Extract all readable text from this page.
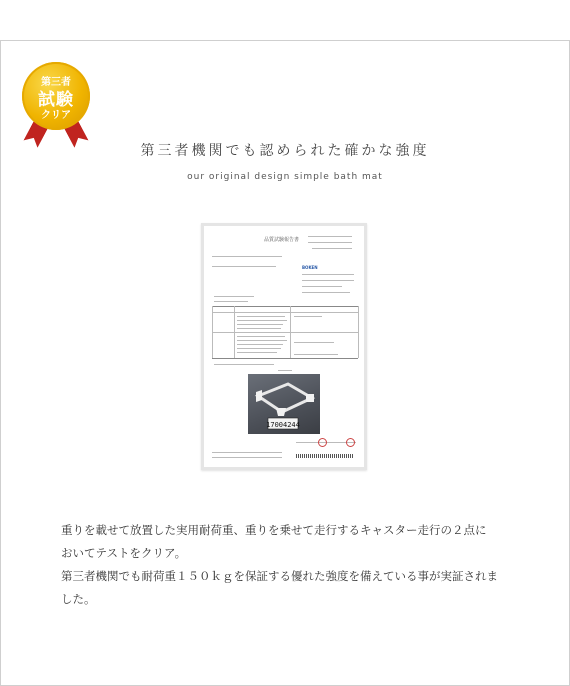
第三者
試験
クリア
第三者機関でも認められた確かな強度
our original design simple bath mat
品質試験報告書
BOKEN
17004244

重りを載せて放置した実用耐荷重、重りを乗せて走行するキャスター走行の２点に

おいてテストをクリア。

第三者機関でも耐荷重１５０ｋｇを保証する優れた強度を備えている事が実証されま

した。
